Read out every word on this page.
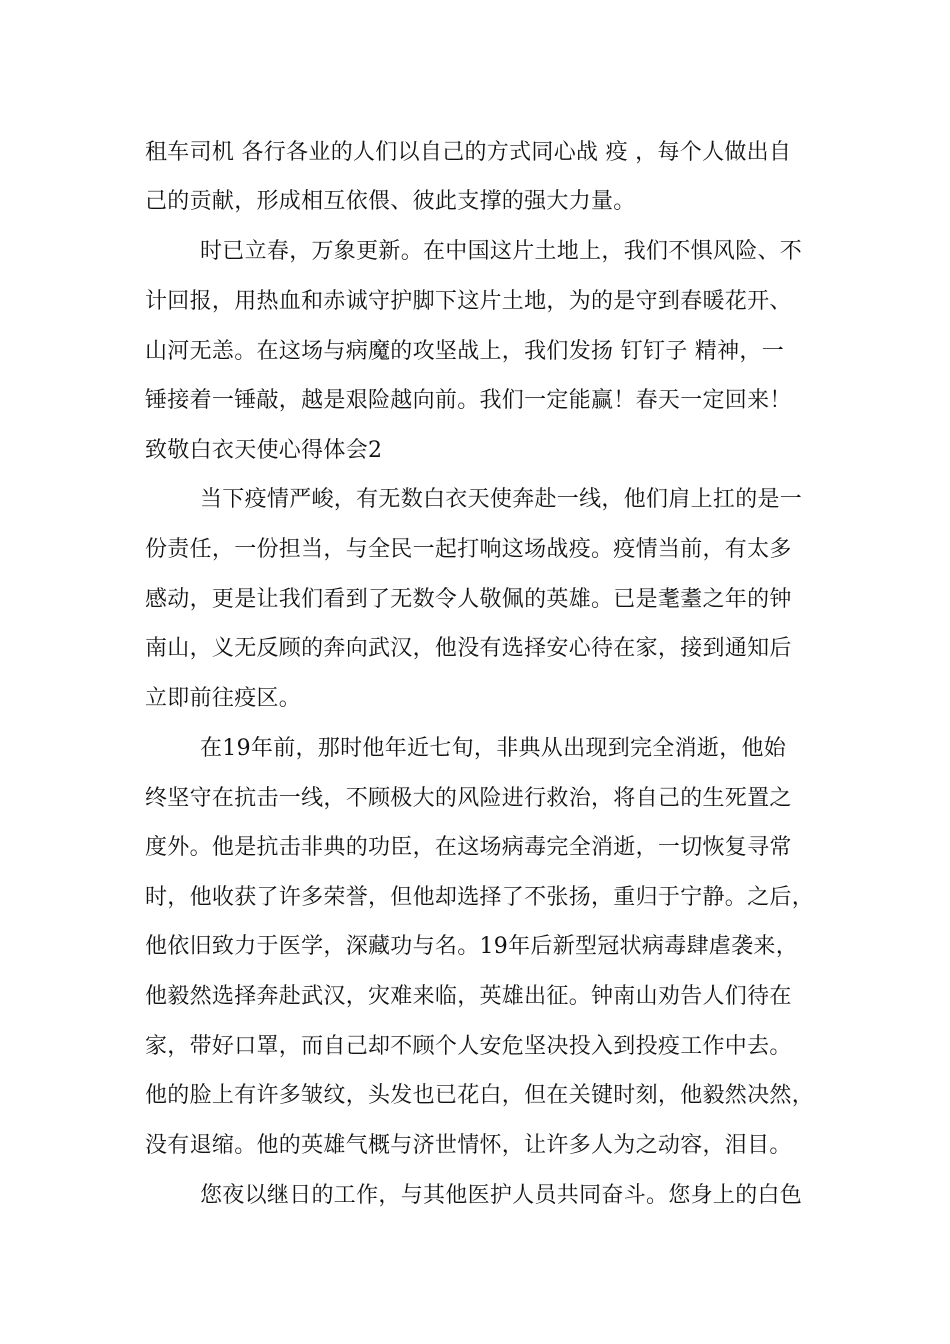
租车司机 各行各业的人们以自己的方式同心战 疫 ，每个人做出自
己的贡献，形成相互依偎、彼此支撑的强大力量。
时已立春，万象更新。在中国这片土地上，我们不惧风险、不
计回报，用热血和赤诚守护脚下这片土地，为的是守到春暖花开、
山河无恙。在这场与病魔的攻坚战上，我们发扬 钉钉子 精神，一
锤接着一锤敲，越是艰险越向前。我们一定能赢！春天一定回来！
致敬白衣天使心得体会2
当下疫情严峻，有无数白衣天使奔赴一线，他们肩上扛的是一
份责任，一份担当，与全民一起打响这场战疫。疫情当前，有太多
感动，更是让我们看到了无数令人敬佩的英雄。已是耄耋之年的钟
南山，义无反顾的奔向武汉，他没有选择安心待在家，接到通知后
立即前往疫区。
在19年前，那时他年近七旬，非典从出现到完全消逝，他始
终坚守在抗击一线，不顾极大的风险进行救治，将自己的生死置之
度外。他是抗击非典的功臣，在这场病毒完全消逝，一切恢复寻常
时，他收获了许多荣誉，但他却选择了不张扬，重归于宁静。之后，
他依旧致力于医学，深藏功与名。19年后新型冠状病毒肆虐袭来，
他毅然选择奔赴武汉，灾难来临，英雄出征。钟南山劝告人们待在
家，带好口罩，而自己却不顾个人安危坚决投入到投疫工作中去。
他的脸上有许多皱纹，头发也已花白，但在关键时刻，他毅然决然，
没有退缩。他的英雄气概与济世情怀，让许多人为之动容，泪目。
您夜以继日的工作，与其他医护人员共同奋斗。您身上的白色
